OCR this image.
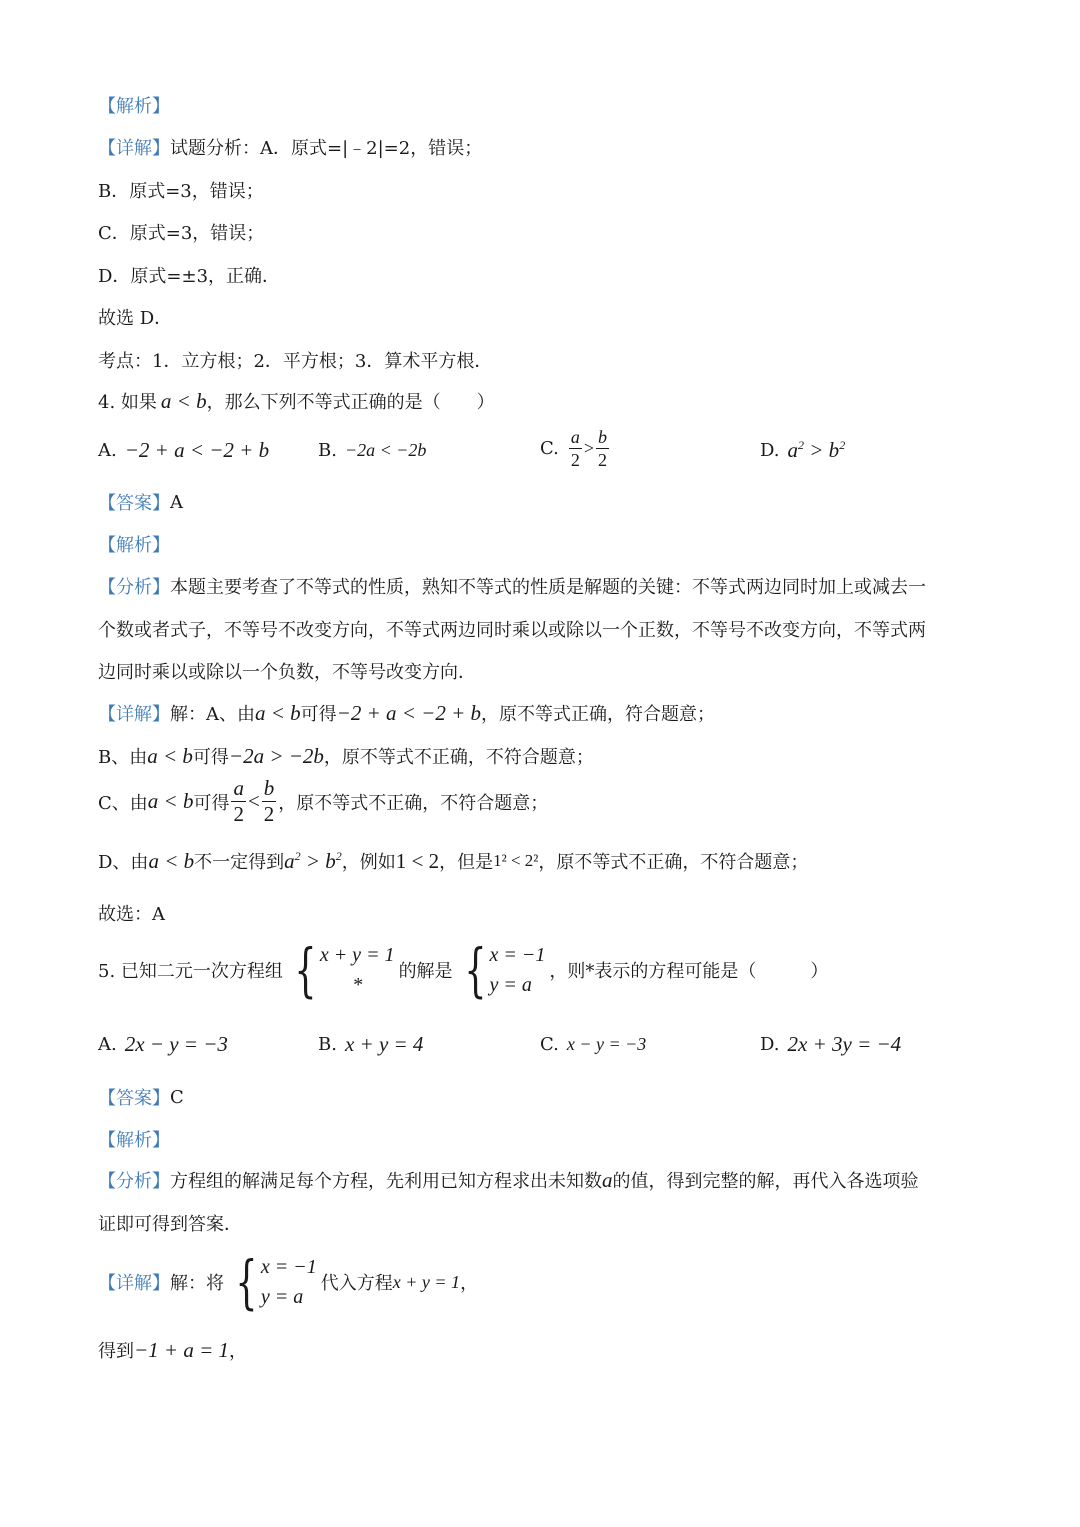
【解析】
【详解】 试题分析：A．原式=|﹣2|=2，错误；
B．原式=3，错误；
C．原式=3，错误；
D．原式=±3，正确．
故选 D．
考点：1．立方根；2．平方根；3．算术平方根．
4. 如果 a < b ，那么下列不等式正确的是（　　）
A. −2 + a < −2 + b	B. −2a < −2b	C. $\frac{a}{2} > \frac{b}{2}$	D. $a^2 > b^2$
【答案】 A
【解析】
【分析】 本题主要考查了不等式的性质，熟知不等式的性质是解题的关键：不等式两边同时加上或减去一
个数或者式子，不等号不改变方向，不等式两边同时乘以或除以一个正数，不等号不改变方向，不等式两
边同时乘以或除以一个负数，不等号改变方向．
【详解】 解：A、由 a < b 可得 −2 + a < −2 + b ，原不等式正确，符合题意；
B、由 a < b 可得 −2a > −2b ，原不等式不正确，不符合题意；
C、由 a < b 可得 $\frac{a}{2} < \frac{b}{2}$ ，原不等式不正确，不符合题意；
D、由 a < b 不一定得到 $a^2 > b^2$ ，例如 1 < 2 ，但是 1² < 2² ，原不等式不正确，不符合题意；
故选：A
5. 已知二元一次方程组 { x + y = 1
*
的解是 { x = −1
y = a
，则*表示的方程可能是（　　　）
A. 2x − y = −3	B. x + y = 4	C. x − y = −3	D. 2x + 3y = −4
【答案】 C
【解析】
【分析】 方程组的解满足每个方程，先利用已知方程求出未知数 a 的值，得到完整的解，再代入各选项验
证即可得到答案．
【详解】 解：将 { x = −1
y = a
代入方程 x + y = 1 ，
得到 −1 + a = 1 ，
